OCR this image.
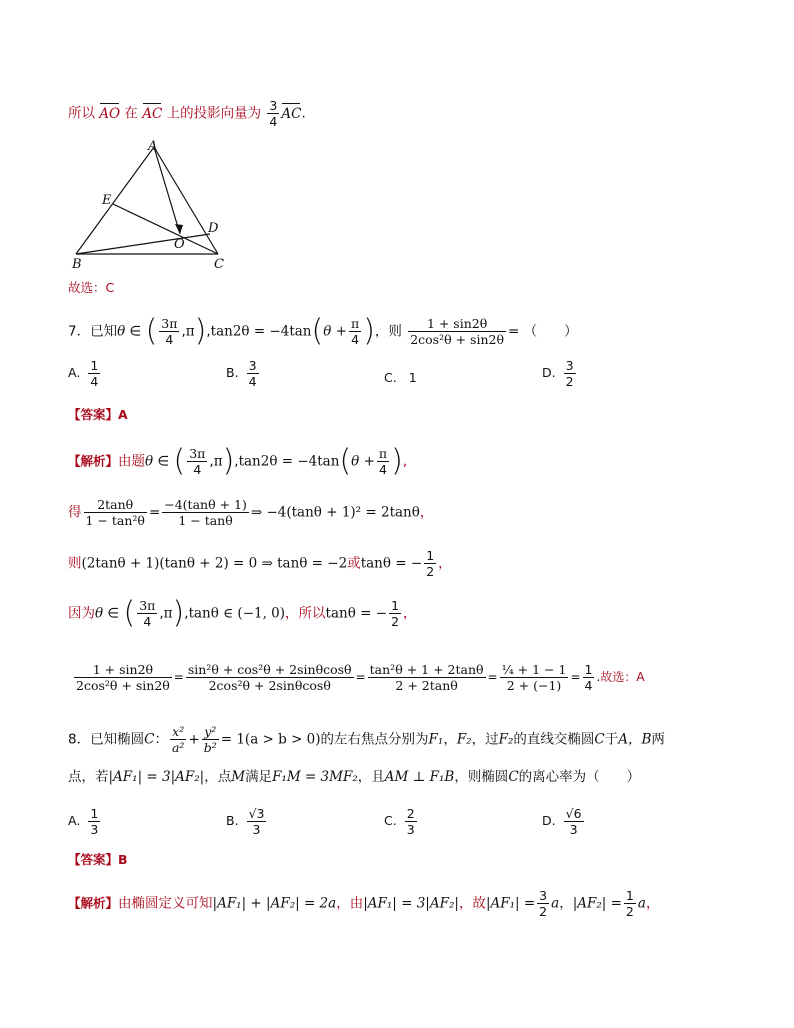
所以 AO 在 AC 上的投影向量为 $\frac{3}{4}$ AC.
A
E
D
O
B	C
故选：C
7．已知θ ∈ ( $\frac{3\pi}{4} ,\pi),\tan 2\theta = -4\tan(\theta + \frac{\pi}{4}$ )，则 $\frac{1 + \sin 2\theta}{\text{2cos²θ + sin2θ}}$ = （　　）
A. $\frac{1}{4}$	B. $\frac{3}{4}$	C. 1	D. $\frac{3}{2}$
【答案】A
【解析】由题θ ∈ ( $\frac{3\pi}{4} ,\pi),\tan 2\theta = -4\tan(\theta + \frac{\pi}{4}$ ),
得 $\frac{2\tan\theta}{\text{1 − tan²θ}} = \frac{-4(\tan\theta + 1)}{1 - \tan\theta}$ ⇒ −4(tanθ + 1)² = 2tanθ，
则(2tanθ + 1)(tanθ + 2) = 0 ⇒ tanθ = −2或tanθ = − $\frac{1}{2}$ ，
因为θ ∈ ( $\frac{3\pi}{4} ,\pi),\tan\theta$ ∈ (−1, 0)，所以tanθ = − $\frac{1}{2}$ ，
$\frac{1 + \sin 2\theta}{\text{2cos²θ + sin2θ}} = \frac{\text{sin²θ + cos²θ + 2sinθcosθ}}{\text{2cos²θ + 2sinθcosθ}} = \frac{\text{tan²θ + 1 + 2tanθ}}{2 + 2\tan\theta} = \frac{\text{¼ + 1 − 1}}{2 + (-1)} = \frac{1}{4}$ .故选：A
8．已知椭圆C： $\frac{\text{x²}}{\text{a²}} + \frac{\text{y²}}{\text{b²}} = 1(a > b > 0)$的左右焦点分别为F₁，F₂，过F₂的直线交椭圆C于A，B两
点，若|AF₁| = 3|AF₂|，点M满足F₁M = 3MF₂，且AM ⊥ F₁B，则椭圆C的离心率为（　　）
A. $\frac{1}{3}$	B. $\frac{√3}{3}$	C. $\frac{2}{3}$	D. $\frac{√6}{3}$
【答案】B
【解析】由椭圆定义可知|AF₁| + |AF₂| = 2a，由|AF₁| = 3|AF₂|，故$|AF_1| = \frac{3}{2}$ a，$|AF_2| = \frac{1}{2}$ a，
